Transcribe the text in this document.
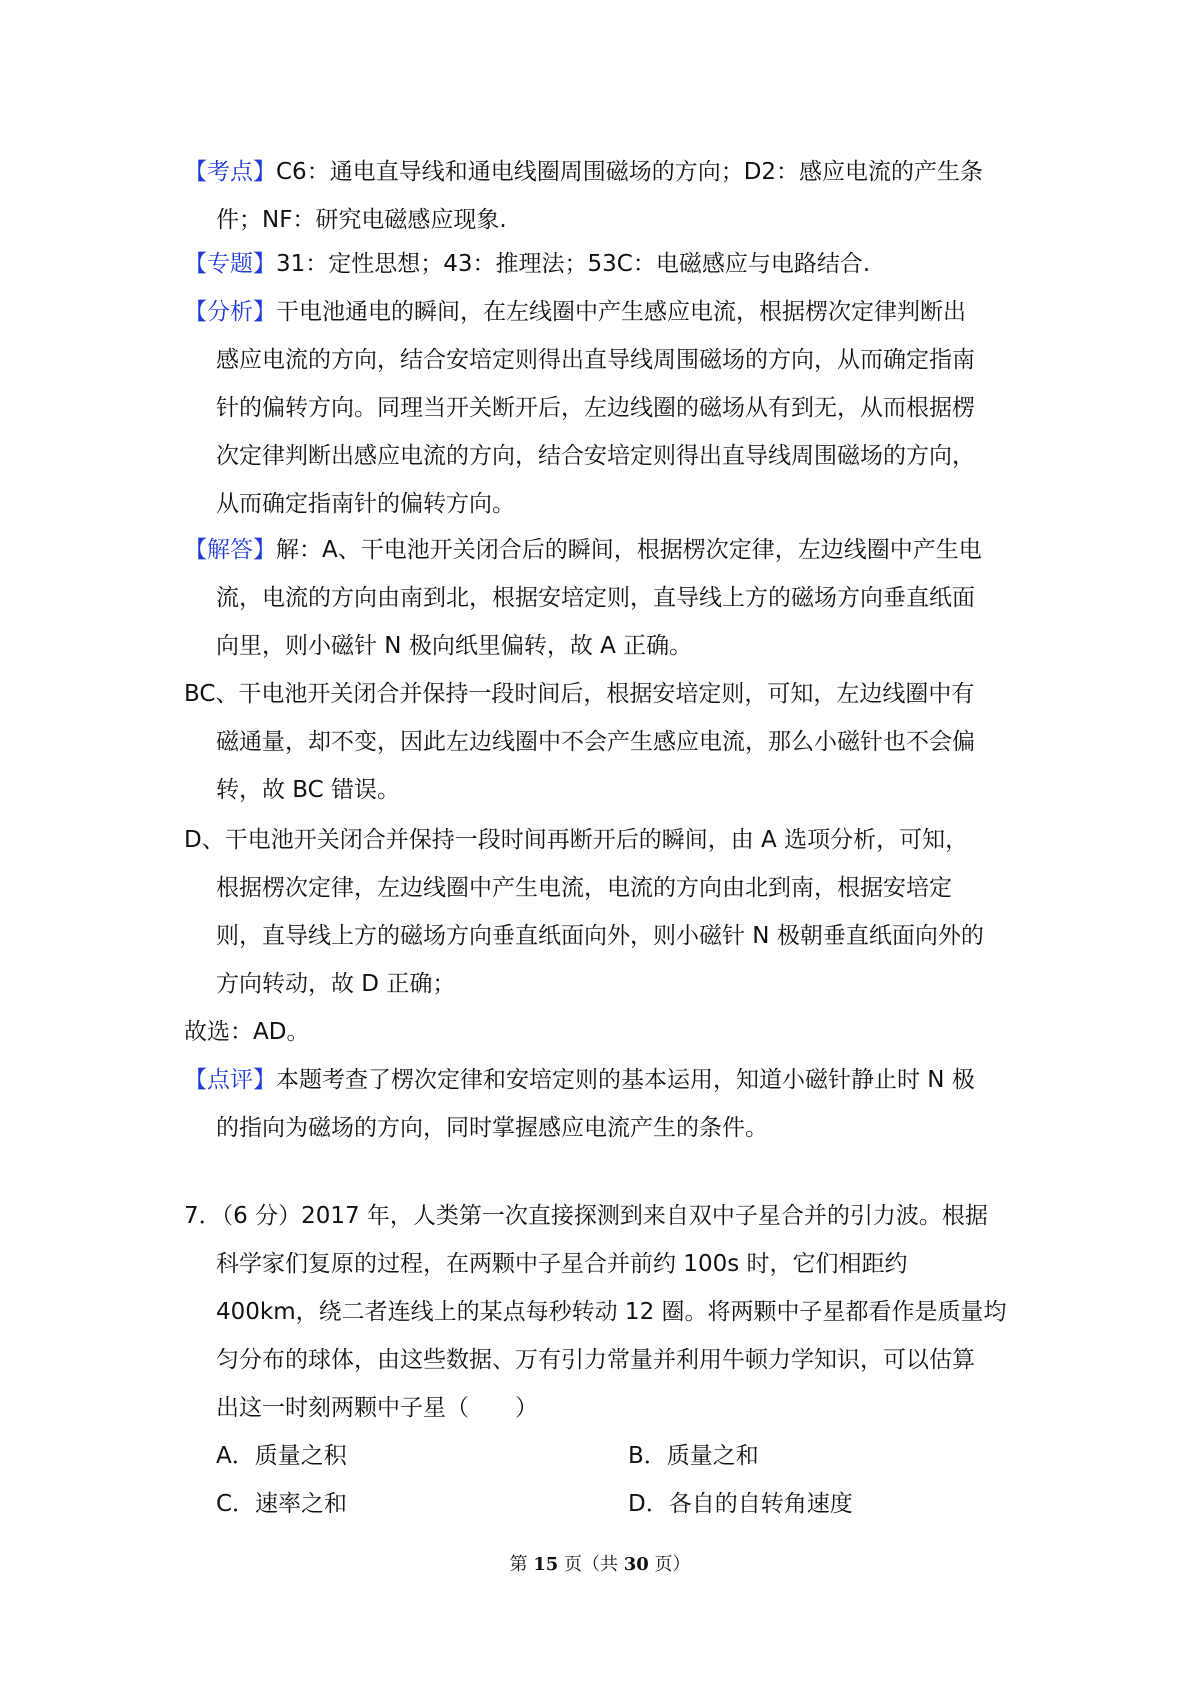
【考点】C6：通电直导线和通电线圈周围磁场的方向；D2：感应电流的产生条
件；NF：研究电磁感应现象.
【专题】31：定性思想；43：推理法；53C：电磁感应与电路结合.
【分析】干电池通电的瞬间，在左线圈中产生感应电流，根据楞次定律判断出
感应电流的方向，结合安培定则得出直导线周围磁场的方向，从而确定指南
针的偏转方向。同理当开关断开后，左边线圈的磁场从有到无，从而根据楞
次定律判断出感应电流的方向，结合安培定则得出直导线周围磁场的方向，
从而确定指南针的偏转方向。
【解答】解：A、干电池开关闭合后的瞬间，根据楞次定律，左边线圈中产生电
流，电流的方向由南到北，根据安培定则，直导线上方的磁场方向垂直纸面
向里，则小磁针 N 极向纸里偏转，故 A 正确。
BC、干电池开关闭合并保持一段时间后，根据安培定则，可知，左边线圈中有
磁通量，却不变，因此左边线圈中不会产生感应电流，那么小磁针也不会偏
转，故 BC 错误。
D、干电池开关闭合并保持一段时间再断开后的瞬间，由 A 选项分析，可知，
根据楞次定律，左边线圈中产生电流，电流的方向由北到南，根据安培定
则，直导线上方的磁场方向垂直纸面向外，则小磁针 N 极朝垂直纸面向外的
方向转动，故 D 正确；
故选：AD。
【点评】本题考查了楞次定律和安培定则的基本运用，知道小磁针静止时 N 极
的指向为磁场的方向，同时掌握感应电流产生的条件。
7．（6 分）2017 年，人类第一次直接探测到来自双中子星合并的引力波。根据
科学家们复原的过程，在两颗中子星合并前约 100s 时，它们相距约
400km，绕二者连线上的某点每秒转动 12 圈。将两颗中子星都看作是质量均
匀分布的球体，由这些数据、万有引力常量并利用牛顿力学知识，可以估算
出这一时刻两颗中子星（　　）
A．质量之积	B．质量之和
C．速率之和	D．各自的自转角速度
第 15 页（共 30 页）
